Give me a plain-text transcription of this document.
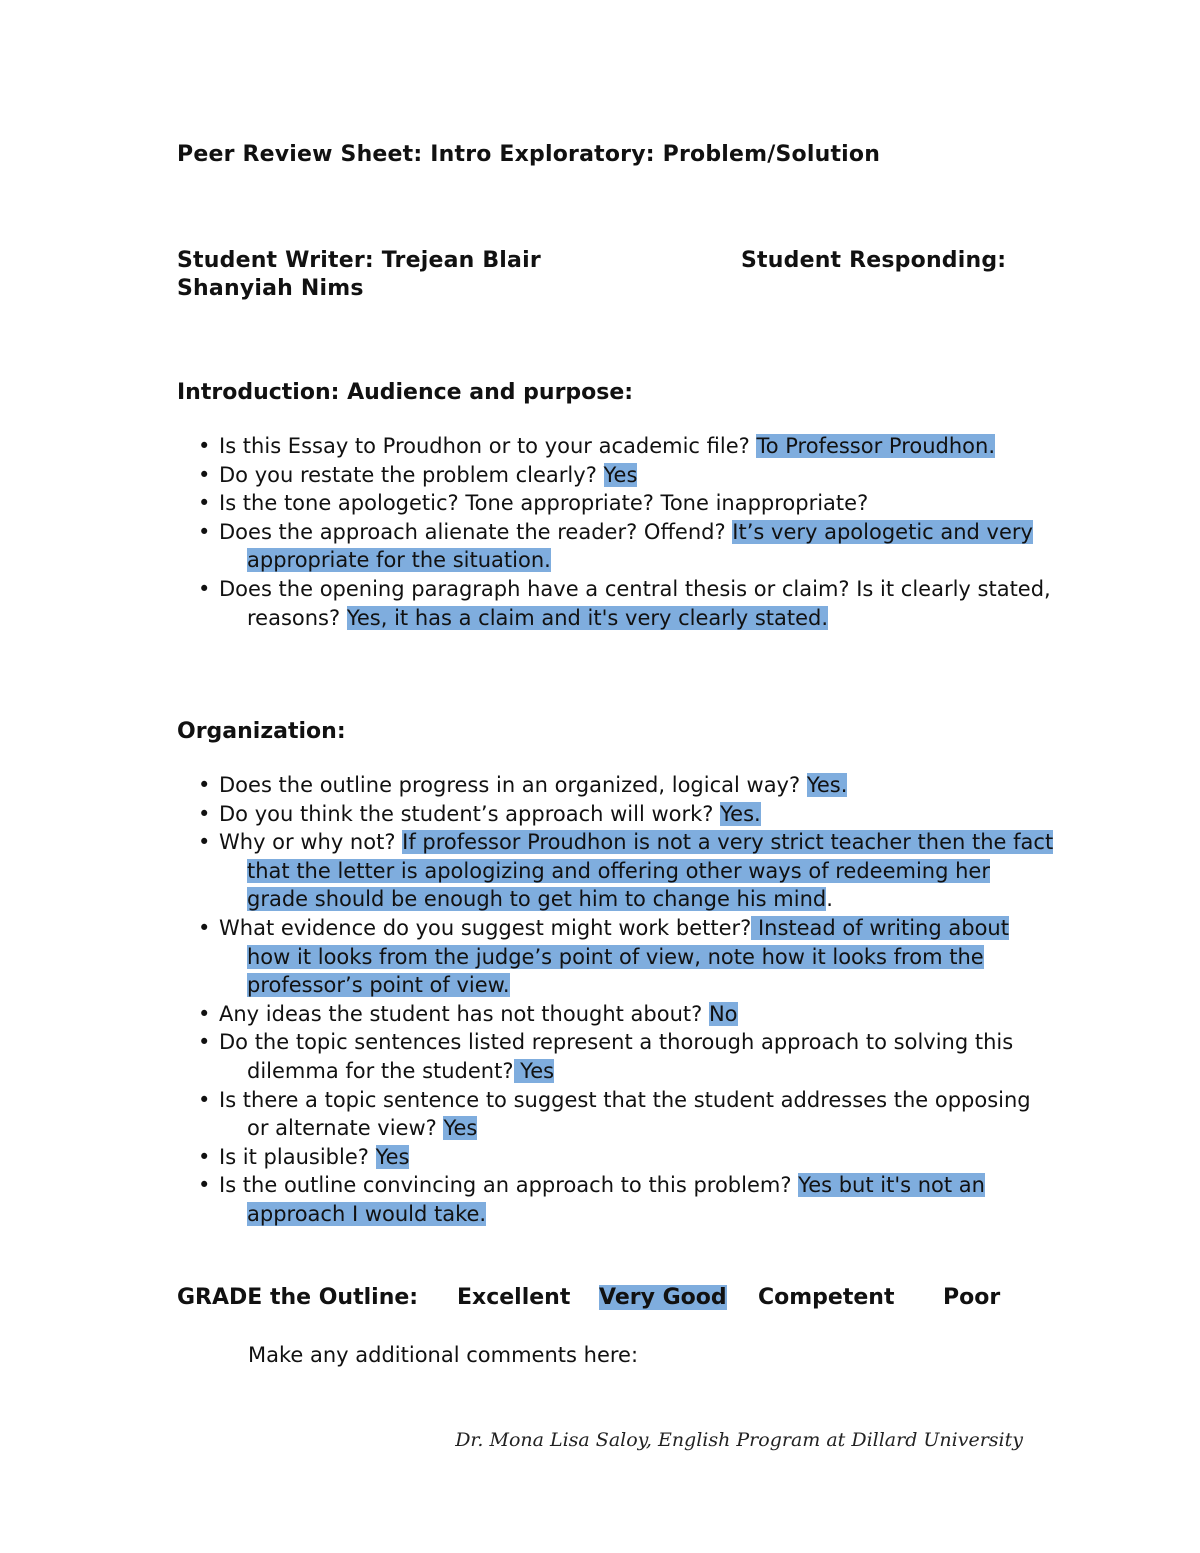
Peer Review Sheet: Intro Exploratory: Problem/Solution
Student Writer: Trejean Blair	Student Responding:
Shanyiah Nims
Introduction: Audience and purpose:
• Is this Essay to Proudhon or to your academic file? To Professor Proudhon.
• Do you restate the problem clearly? Yes
• Is the tone apologetic? Tone appropriate? Tone inappropriate?
• Does the approach alienate the reader? Offend? It’s very apologetic and very appropriate for the situation.
• Does the opening paragraph have a central thesis or claim? Is it clearly stated, reasons? Yes, it has a claim and it's very clearly stated.
Organization:
• Does the outline progress in an organized, logical way? Yes.
• Do you think the student’s approach will work? Yes.
• Why or why not? If professor Proudhon is not a very strict teacher then the fact that the letter is apologizing and offering other ways of redeeming her grade should be enough to get him to change his mind.
• What evidence do you suggest might work better? Instead of writing about how it looks from the judge’s point of view, note how it looks from the professor’s point of view.
• Any ideas the student has not thought about? No
• Do the topic sentences listed represent a thorough approach to solving this dilemma for the student? Yes
• Is there a topic sentence to suggest that the student addresses the opposing or alternate view? Yes
• Is it plausible? Yes
• Is the outline convincing an approach to this problem? Yes but it's not an approach I would take.

GRADE the Outline:

Excellent

Very Good

Competent

Poor

Make any additional comments here:
Dr. Mona Lisa Saloy, English Program at Dillard University
